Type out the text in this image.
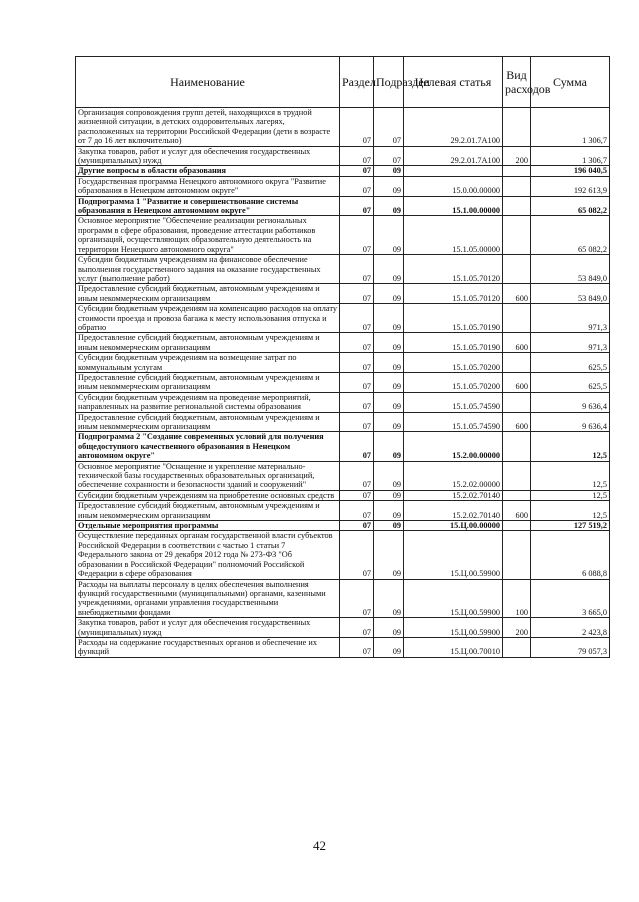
Наименование	Раздел	Подраздел	Целевая статья	Вид расходов	Сумма
Организация сопровождения групп детей, находящихся в трудной жизненной ситуации, в детских оздоровительных лагерях, расположенных на территории Российской Федерации (дети в возрасте от 7 до 16 лет включительно)	07	07	29.2.01.7А100		1 306,7
Закупка товаров, работ и услуг для обеспечения государственных (муниципальных) нужд	07	07	29.2.01.7А100	200	1 306,7
Другие вопросы в области образования	07	09			196 040,5
Государственная программа Ненецкого автономного округа "Развитие образования в Ненецком автономном округе"	07	09	15.0.00.00000		192 613,9
Подпрограмма 1 "Развитие и совершенствование системы образования в Ненецком автономном округе"	07	09	15.1.00.00000		65 082,2
Основное мероприятие "Обеспечение реализации региональных программ в сфере образования, проведение аттестации работников организаций, осуществляющих образовательную деятельность на территории Ненецкого автономного округа"	07	09	15.1.05.00000		65 082,2
Субсидии бюджетным учреждениям на финансовое обеспечение выполнения государственного задания на оказание государственных услуг (выполнение работ)	07	09	15.1.05.70120		53 849,0
Предоставление субсидий бюджетным, автономным учреждениям и иным некоммерческим организациям	07	09	15.1.05.70120	600	53 849,0
Субсидии бюджетным учреждениям на компенсацию расходов на оплату стоимости проезда и провоза багажа к месту использования отпуска и обратно	07	09	15.1.05.70190		971,3
Предоставление субсидий бюджетным, автономным учреждениям и иным некоммерческим организациям	07	09	15.1.05.70190	600	971,3
Субсидии бюджетным учреждениям на возмещение затрат по коммунальным услугам	07	09	15.1.05.70200		625,5
Предоставление субсидий бюджетным, автономным учреждениям и иным некоммерческим организациям	07	09	15.1.05.70200	600	625,5
Субсидии бюджетным учреждениям на проведение мероприятий, направленных на развитие региональной системы образования	07	09	15.1.05.74590		9 636,4
Предоставление субсидий бюджетным, автономным учреждениям и иным некоммерческим организациям	07	09	15.1.05.74590	600	9 636,4
Подпрограмма 2 "Создание современных условий для получения общедоступного качественного образования в Ненецком автономном округе"	07	09	15.2.00.00000		12,5
Основное мероприятие "Оснащение и укрепление материально-технической базы государственных образовательных организаций, обеспечение сохранности и безопасности зданий и сооружений"	07	09	15.2.02.00000		12,5
Субсидии бюджетным учреждениям на приобретение основных средств	07	09	15.2.02.70140		12,5
Предоставление субсидий бюджетным, автономным учреждениям и иным некоммерческим организациям	07	09	15.2.02.70140	600	12,5
Отдельные мероприятия программы	07	09	15.Ц.00.00000		127 519,2
Осуществление переданных органам государственной власти субъектов Российской Федерации в соответствии с частью 1 статьи 7 Федерального закона от 29 декабря 2012 года № 273-ФЗ "Об образовании в Российской Федерации" полномочий Российской Федерации в сфере образования	07	09	15.Ц.00.59900		6 088,8
Расходы на выплаты персоналу в целях обеспечения выполнения функций государственными (муниципальными) органами, казенными учреждениями, органами управления государственными внебюджетными фондами	07	09	15.Ц.00.59900	100	3 665,0
Закупка товаров, работ и услуг для обеспечения государственных (муниципальных) нужд	07	09	15.Ц.00.59900	200	2 423,8
Расходы на содержание государственных органов и обеспечение их функций	07	09	15.Ц.00.70010		79 057,3
42
